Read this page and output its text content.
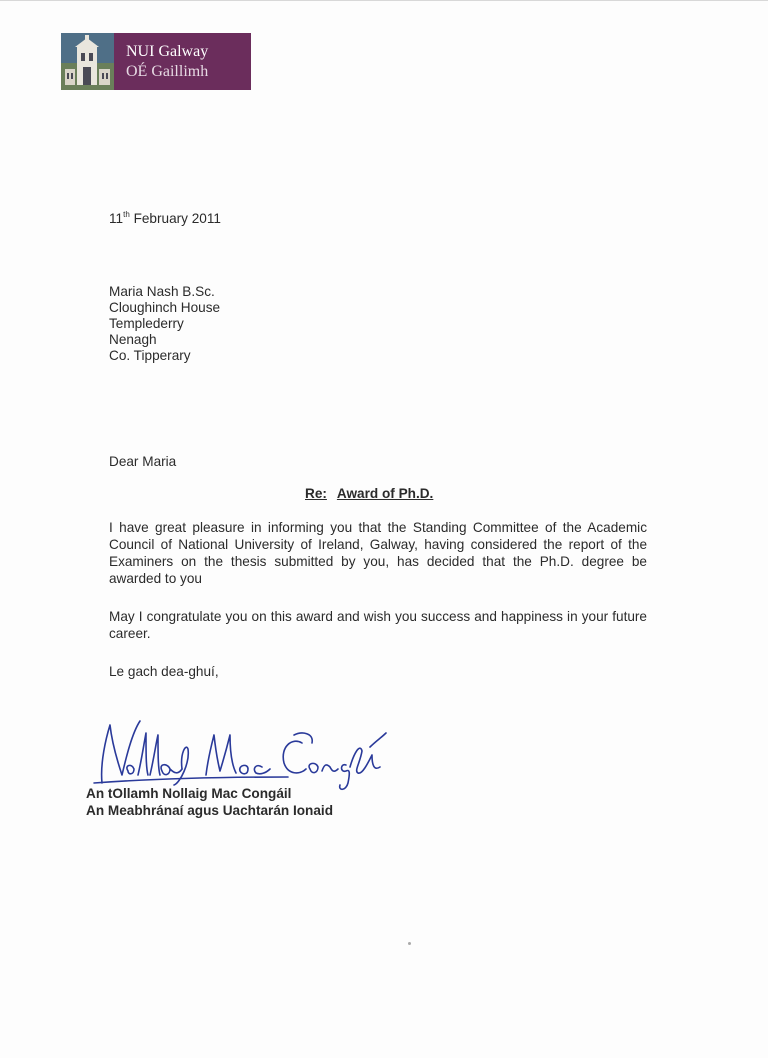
NUI Galway
OÉ Gaillimh
11th February 2011
Maria Nash B.Sc.
Cloughinch House
Templederry
Nenagh
Co. Tipperary
Dear Maria
Re: Award of Ph.D.
I have great pleasure in informing you that the Standing Committee of the Academic Council of National University of Ireland, Galway, having considered the report of the Examiners on the thesis submitted by you, has decided that the Ph.D. degree be awarded to you
May I congratulate you on this award and wish you success and happiness in your future career.
Le gach dea-ghuí,
An tOllamh Nollaig Mac Congáil
An Meabhránaí agus Uachtarán Ionaid
